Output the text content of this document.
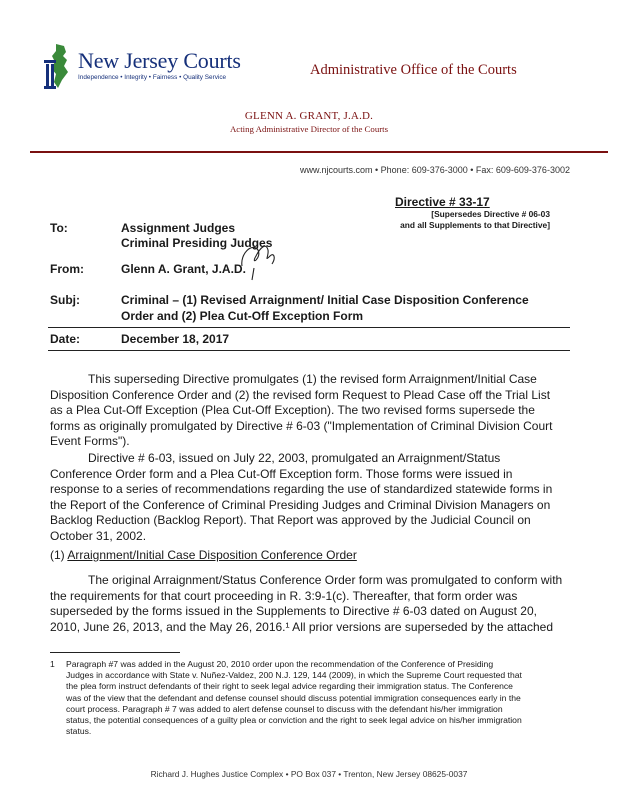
New Jersey Courts
Independence • Integrity • Fairness • Quality Service	Administrative Office of the Courts
GLENN A. GRANT, J.A.D.
Acting Administrative Director of the Courts
www.njcourts.com • Phone: 609-376-3000 • Fax: 609-609-376-3002
Directive # 33-17
[Supersedes Directive # 06-03
and all Supplements to that Directive]
To:	Assignment Judges
Criminal Presiding Judges
From:	Glenn A. Grant, J.A.D.
Subj:	Criminal – (1) Revised Arraignment/ Initial Case Disposition Conference
Order and (2) Plea Cut-Off Exception Form
Date:	December 18, 2017
This superseding Directive promulgates (1) the revised form Arraignment/Initial Case
Disposition Conference Order and (2) the revised form Request to Plead Case off the Trial List
as a Plea Cut-Off Exception (Plea Cut-Off Exception). The two revised forms supersede the
forms as originally promulgated by Directive # 6-03 ("Implementation of Criminal Division Court
Event Forms").
Directive # 6-03, issued on July 22, 2003, promulgated an Arraignment/Status
Conference Order form and a Plea Cut-Off Exception form. Those forms were issued in
response to a series of recommendations regarding the use of standardized statewide forms in
the Report of the Conference of Criminal Presiding Judges and Criminal Division Managers on
Backlog Reduction (Backlog Report). That Report was approved by the Judicial Council on
October 31, 2002.
(1) Arraignment/Initial Case Disposition Conference Order
The original Arraignment/Status Conference Order form was promulgated to conform with
the requirements for that court proceeding in R. 3:9-1(c). Thereafter, that form order was
superseded by the forms issued in the Supplements to Directive # 6-03 dated on August 20,
2010, June 26, 2013, and the May 26, 2016.¹ All prior versions are superseded by the attached
1	Paragraph #7 was added in the August 20, 2010 order upon the recommendation of the Conference of Presiding
Judges in accordance with State v. Nuñez-Valdez, 200 N.J. 129, 144 (2009), in which the Supreme Court requested that
the plea form instruct defendants of their right to seek legal advice regarding their immigration status. The Conference
was of the view that the defendant and defense counsel should discuss potential immigration consequences early in the
court process. Paragraph # 7 was added to alert defense counsel to discuss with the defendant his/her immigration
status, the potential consequences of a guilty plea or conviction and the right to seek legal advice on his/her immigration
status.
Richard J. Hughes Justice Complex • PO Box 037 • Trenton, New Jersey 08625-0037
